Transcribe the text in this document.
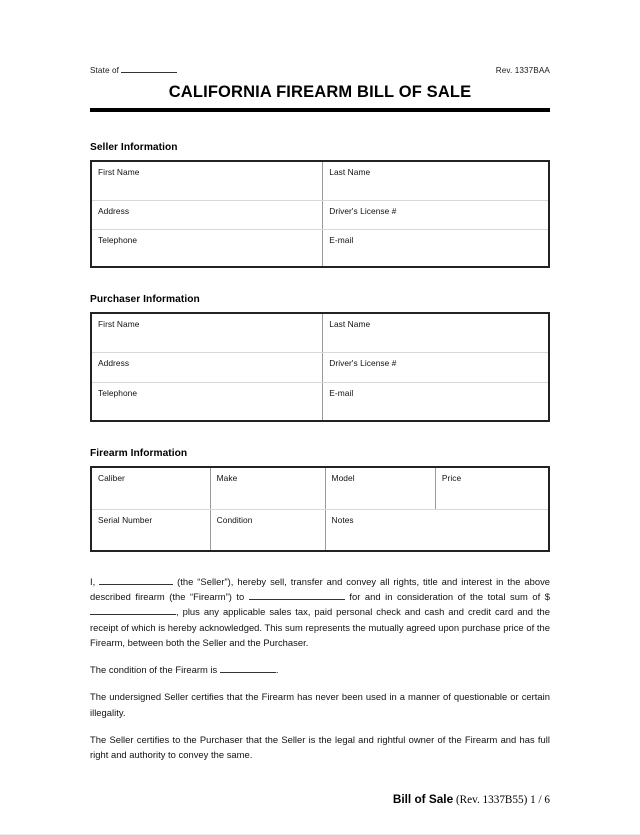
State of	Rev. 1337BAA
CALIFORNIA FIREARM BILL OF SALE
Seller Information
First Name	Last Name
Address	Driver's License #
Telephone	E-mail
Purchaser Information
First Name	Last Name
Address	Driver's License #
Telephone	E-mail
Firearm Information
Caliber	Make	Model	Price
Serial Number	Condition	Notes

I,	(the “Seller”), hereby sell, transfer and convey all rights, title and interest in the above described firearm (the “Firearm”) to	for and in consideration of the total sum of $ , plus any applicable sales tax, paid personal check and cash and credit card and the receipt of which is hereby acknowledged. This sum represents the mutually agreed upon purchase price of the Firearm, between both the Seller and the Purchaser.

The condition of the Firearm is	.

The undersigned Seller certifies that the Firearm has never been used in a manner of questionable or certain illegality.

The Seller certifies to the Purchaser that the Seller is the legal and rightful owner of the Firearm and has full right and authority to convey the same.

Bill of Sale (Rev. 1337B55) 1 / 6
